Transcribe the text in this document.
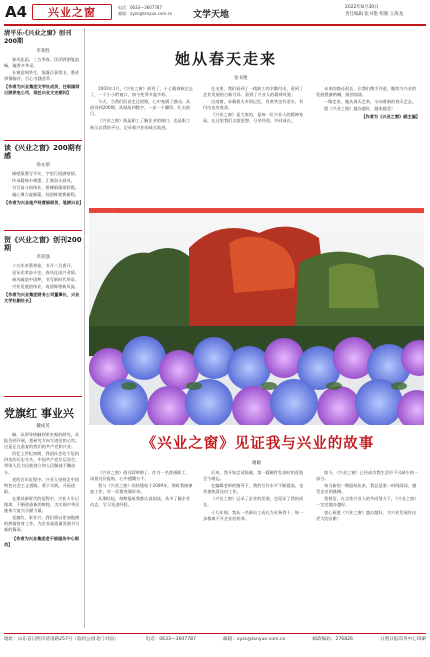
A4 兴业之窗	电话：0633—3607787
邮箱：xyzc@lanyue.com.cn 文学天地
2022年8月30日
责任编辑 张书艳 组版 王海龙
清平乐·《兴业之窗》创刊200期
李菲胜

春风化雨，三百季春，洋洋洒洒笔流畅，凝香多华采。

专窗迎周华生，笔凝百事常书，墨迹带情翰评，百心书涵荟萃。

【作者为兴业集团文学社成员，任职国网日照供电公司，现任兴业文史顾问】
读《兴业之窗》200期有感
徐永瑞

梯壁篆墨写平实，字里行间满豪情。

传承精神丰碑墨，汇聚奋斗展风。

书写奋斗创伟业，拼搏新篇领彩霞。

凝心聚力谋新篇，同创辉煌赛新程。

【作者为兴业地产经营部职员，笔耕兴业】
贺《兴业之窗》创刊200期
李富强

十五年来墨香卷，书开二百香开。

见证光荣奋斗史，春风化雨兴业情。

乘风破浪中国梦，书写新时代华章。

兴业发展创伟业，再创辉煌新风流。

【作者为兴业集团财务公司董事长，兴业文学社副社长】
党旗红 事业兴
魏成英

喻，从领导接触到更宏观的研究，从报告到开展，把研究方向写进党的心坎。这是正在重复的我们的共产党和兴业。

回忆上世纪初期，我国社会处于危机四伏的历史关头，中国共产党应运而生，带领人民为民族独立和人民解放不懈奋斗。

党的百年征程中，兴业人坚持走中国特色社会主义道路，勇于实践，开拓进取。

在建设新时代的征程中，兴业人牢记使命，不断创造新的辉煌，为实现中华民族伟大复兴贡献力量。

党旗红，事业兴。我们将以更加饱满的热情投身工作，为企业高质量发展书写新的篇章。

【作者为兴业集团老干部服务中心职员】

她从春天走来
张书艳

2003年1月，《兴业之窗》创刊了，十七载春秋过去了，一个小小的窗口，如今变得多姿多彩。

今天，当我们回首走过的路，心中充满了感动。从创刊到200期，从纸质到数字，一步一个脚印，扎实前行。

《兴业之窗》既是职工了解企业的窗口，也是职工展示自我的平台，记录着兴业的成长轨迹。

在这里，我们看到了一线职工的辛勤付出，看到了企业发展的日新月异，看到了兴业人的精神风貌。

这扇窗，承载着太多的记忆，有欢笑也有泪水，有付出也有收获。

《兴业之窗》是大家的，是每一位兴业人的精神家园，在这里我们交流思想、分享经验、共同成长。

未来的路还很长，让我们携手并进，继续为兴业的发展摇旗呐喊、鼓劲加油。

一路走来，她从春天走来，又向着新的春天走去。

愿《兴业之窗》越办越好，越来越美！

【作者为《兴业之窗》副主编】
兴业之窗
《兴业之窗》见证我与兴业的故事
谢颖

《兴业之窗》创刊200期了。作为一名普通职工，读着这份报纸，心中感慨万千。

我与《兴业之窗》的结缘始于2009年，那时我刚参加工作，对一切都充满好奇。

从那时起，每期报纸我都认真阅读，从中了解企业动态，学习先进经验。

后来，我开始尝试投稿，第一篇稿件发表时的喜悦至今难忘。

在编辑老师的指导下，我的写作水平不断提高，也更加热爱这份工作。

《兴业之窗》记录了企业的发展，也见证了我的成长。

十几年间，我从一名新员工成长为业务骨干，每一步都离不开企业的培养。

如今，《兴业之窗》已经成为我生活中不可缺少的一部分。

每当新的一期报纸出来，我总是第一时间阅读，感受企业的脉搏。

我相信，在全体兴业人的共同努力下，《兴业之窗》一定会越办越好。

衷心祝愿《兴业之窗》越办越好，为兴业发展作出更大的贡献！

地址：山东省日照市济南路257号（临河公园北门对面）	电话：0633—3607787	邮箱：xyzc@lanyue.com.cn	邮政编码：276826	日照日报印务中心印刷
